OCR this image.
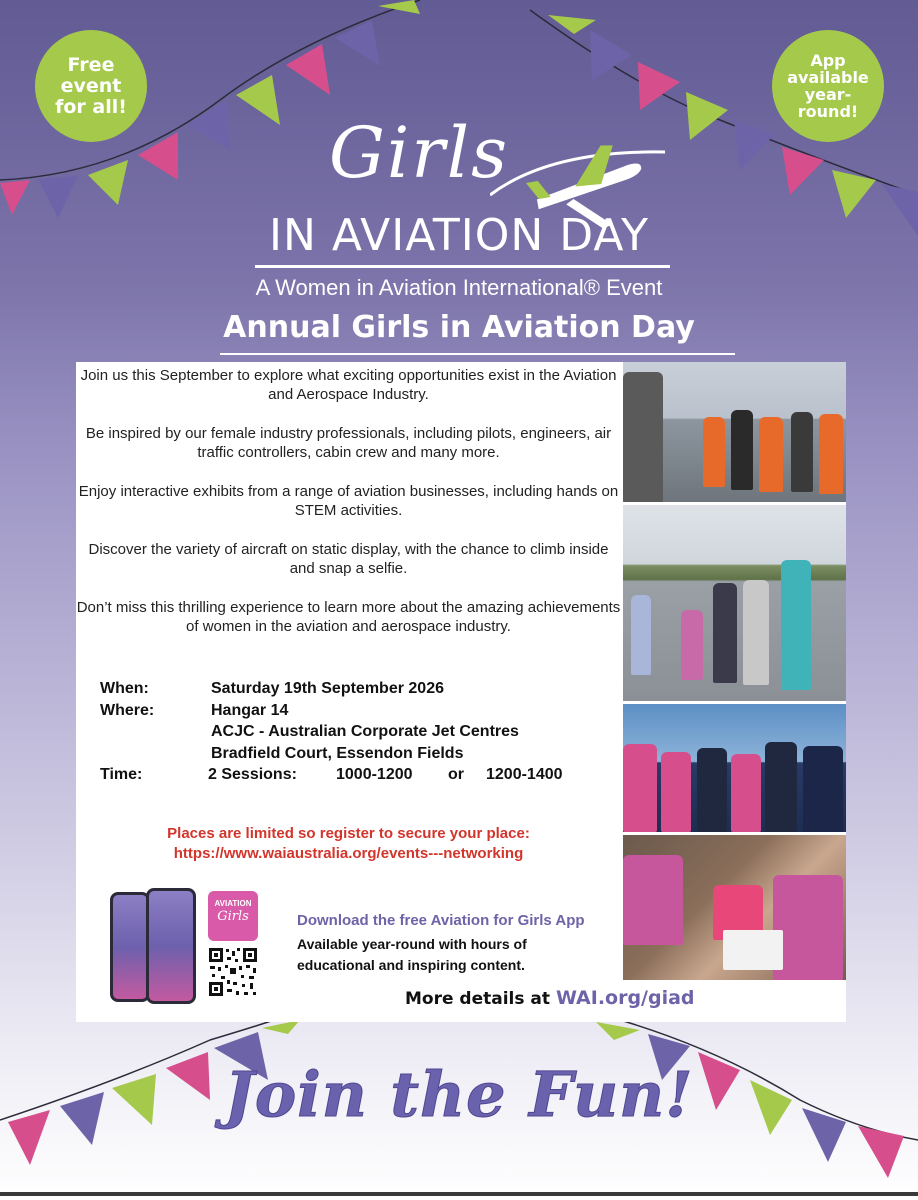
Free
event
for all!
App
available
year-
round!
Girls
IN AVIATION DAY
A Women in Aviation International® Event
Annual Girls in Aviation Day

Join us this September to explore what exciting opportunities exist in the Aviation and Aerospace Industry.

Be inspired by our female industry professionals, including pilots, engineers, air traffic controllers, cabin crew and many more.

Enjoy interactive exhibits from a range of aviation businesses, including hands on STEM activities.

Discover the variety of aircraft on static display, with the chance to climb inside and snap a selfie.

Don’t miss this thrilling experience to learn more about the amazing achievements of women in the aviation and aerospace industry.

When:	Saturday 19th September 2026
Where:	Hangar 14
ACJC - Australian Corporate Jet Centres
Bradfield Court, Essendon Fields
Time:	2 Sessions: 1000-1200 or 1200-1400
Places are limited so register to secure your place:
https://www.waiaustralia.org/events---networking
AVIATION
Girls	Download the free Aviation for Girls App
Available year-round with hours of educational and inspiring content.
More details at WAI.org/giad
Join the Fun!
